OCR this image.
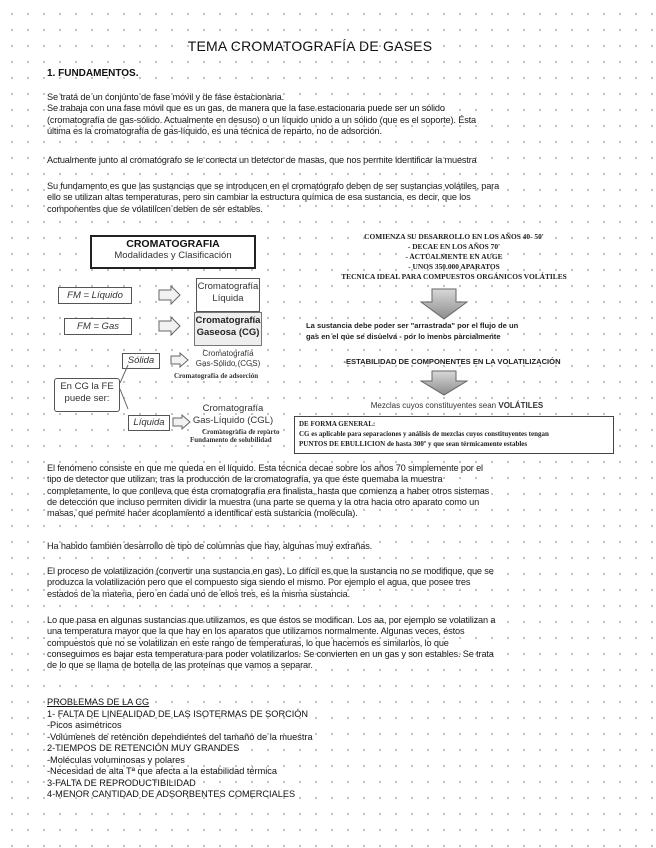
TEMA CROMATOGRAFÍA DE GASES
1. FUNDAMENTOS.
Se trata de un conjunto de fase móvil y de fase estacionaria.
Se trabaja con una fase móvil que es un gas, de manera que la fase estacionaria puede ser un sólido
(cromatografía de gas-sólido. Actualmente en desuso) o un líquido unido a un sólido (que es el soporte). Ésta
última es la cromatografía de gas-líquido, es una técnica de reparto, no de adsorción.
Actualmente junto al cromatógrafo se le conecta un detector de masas, que nos permite identificar la muestra
Su fundamento es que las sustancias que se introducen en el cromatógrafo deben de ser sustancias volátiles, para
ello se utilizan altas temperaturas, pero sin cambiar la estructura química de esa sustancia, es decir, que los
componentes que se volatilicen deben de ser estables.
CROMATOGRAFIA
Modalidades y Clasificación
FM = Líquido
Cromatografía
Líquida
FM = Gas
Cromatografía
Gaseosa (CG)
Sólida
Cromatografía
Gas-Sólido (CGS)
Cromatografía de adsorción
En CG la FE
puede ser:
Líquida
Cromatografía
Gas-Líquido (CGL)
Cromatografía de reparto
Fundamento de solubilidad
COMIENZA SU DESARROLLO EN LOS AÑOS 40- 50'
- DECAE EN LOS AÑOS 70'
- ACTUALMENTE EN AUGE
- UNOS 350.000 APARATOS
TECNICA IDEAL PARA COMPUESTOS ORGÁNICOS VOLÁTILES
La sustancia debe poder ser "arrastrada" por el flujo de un
gas en el que se disuelva - por lo menos parcialmente
-ESTABILIDAD DE COMPONENTES EN LA VOLATILIZACIÓN
Mezclas cuyos constituyentes sean VOLÁTILES
DE FORMA GENERAL:
CG es aplicable para separaciones y análisis de mezclas cuyos constituyentes tengan
PUNTOS DE EBULLICION de hasta 300º y que sean térmicamente estables
El fenómeno consiste en que me queda en el líquido. Esta técnica decae sobre los años 70 simplemente por el
tipo de detector que utilizan, tras la producción de la cromatografía, ya que éste quemaba la muestra
completamente, lo que conlleva que ésta cromatografía era finalista, hasta que comienza a haber otros sistemas
de detección que incluso permiten dividir la muestra (una parte se quema y la otra hacia otro aparato como un
masas, que permite hacer acoplamiento a identificar esta sustancia (molécula).
Ha habido también desarrollo de tipo de columnas que hay, algunas muy extrañas.
El proceso de volatilización (convertir una sustancia en gas). Lo difícil es que la sustancia no se modifique, que se
produzca la volatilización pero que el compuesto siga siendo el mismo. Por ejemplo el agua, que posee tres
estados de la materia, pero en cada uno de ellos tres, es la misma sustancia.
Lo que pasa en algunas sustancias que utilizamos, es que éstos se modifican. Los aa, por ejemplo se volatilizan a
una temperatura mayor que la que hay en los aparatos que utilizamos normalmente. Algunas veces, éstos
compuestos que no se volatilizan en este rango de temperaturas, lo que hacemos es similarlos, lo que
conseguimos es bajar esta temperatura para poder volatilizarlos. Se convierten en un gas y son estables. Se trata
de lo que se llama de botella de las proteínas que vamos a separar.
PROBLEMAS DE LA CG
1- FALTA DE LINEALIDAD DE LAS ISOTERMAS DE SORCIÓN
-Picos asimétricos
-Volúmenes de retención dependientes del tamaño de la muestra
2-TIEMPOS DE RETENCIÓN MUY GRANDES
-Moléculas voluminosas y polares
-Necesidad de alta Tª que afecta a la estabilidad térmica
3-FALTA DE REPRODUCTIBILIDAD
4-MENOR CANTIDAD DE ADSORBENTES COMERCIALES
